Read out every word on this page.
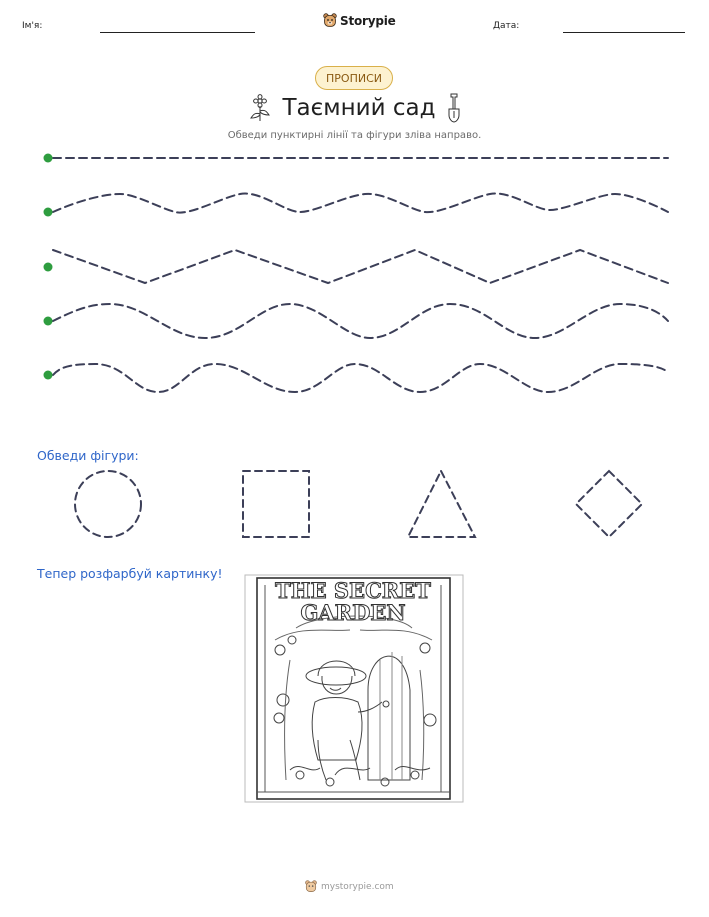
Ім'я:	Storypie	Дата:
ПРОПИСИ
Таємний сад
Обведи пунктирні лінії та фігури зліва направо.
THE SECRET
GARDEN
Обведи фігури:
Тепер розфарбуй картинку!
mystorypie.com
